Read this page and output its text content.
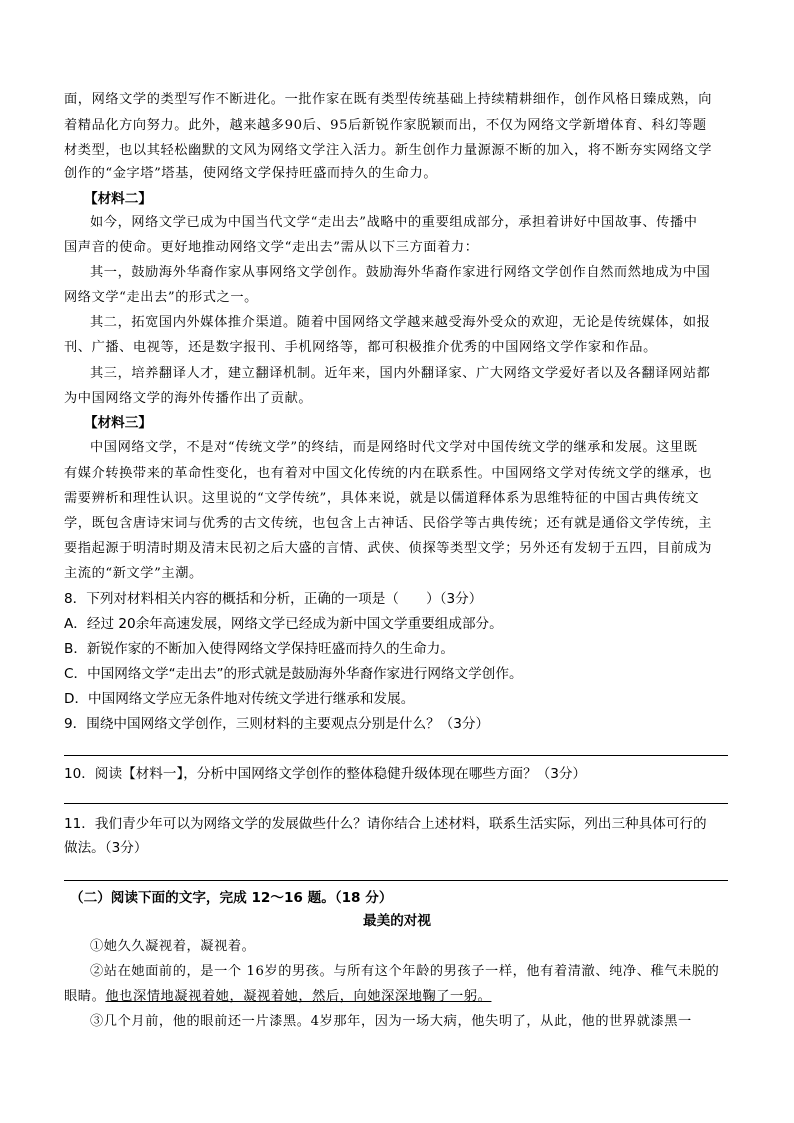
面，网络文学的类型写作不断进化。一批作家在既有类型传统基础上持续精耕细作，创作风格日臻成熟，向
着精品化方向努力。此外，越来越多90后、95后新锐作家脱颖而出，不仅为网络文学新增体育、科幻等题
材类型，也以其轻松幽默的文风为网络文学注入活力。新生创作力量源源不断的加入，将不断夯实网络文学
创作的“金字塔”塔基，使网络文学保持旺盛而持久的生命力。
【材料二】
如今，网络文学已成为中国当代文学“走出去”战略中的重要组成部分，承担着讲好中国故事、传播中
国声音的使命。更好地推动网络文学“走出去”需从以下三方面着力：
其一，鼓励海外华裔作家从事网络文学创作。鼓励海外华裔作家进行网络文学创作自然而然地成为中国
网络文学“走出去”的形式之一。
其二，拓宽国内外媒体推介渠道。随着中国网络文学越来越受海外受众的欢迎，无论是传统媒体，如报
刊、广播、电视等，还是数字报刊、手机网络等，都可积极推介优秀的中国网络文学作家和作品。
其三，培养翻译人才，建立翻译机制。近年来，国内外翻译家、广大网络文学爱好者以及各翻译网站都
为中国网络文学的海外传播作出了贡献。
【材料三】
中国网络文学，不是对“传统文学”的终结，而是网络时代文学对中国传统文学的继承和发展。这里既
有媒介转换带来的革命性变化，也有着对中国文化传统的内在联系性。中国网络文学对传统文学的继承，也
需要辨析和理性认识。这里说的“文学传统”，具体来说，就是以儒道释体系为思维特征的中国古典传统文
学，既包含唐诗宋词与优秀的古文传统，也包含上古神话、民俗学等古典传统；还有就是通俗文学传统，主
要指起源于明清时期及清末民初之后大盛的言情、武侠、侦探等类型文学；另外还有发轫于五四，目前成为
主流的“新文学”主潮。
8．下列对材料相关内容的概括和分析，正确的一项是（　　）（3分）
A．经过 20余年高速发展，网络文学已经成为新中国文学重要组成部分。
B．新锐作家的不断加入使得网络文学保持旺盛而持久的生命力。
C．中国网络文学“走出去”的形式就是鼓励海外华裔作家进行网络文学创作。
D．中国网络文学应无条件地对传统文学进行继承和发展。
9．围绕中国网络文学创作，三则材料的主要观点分别是什么？（3分）
10．阅读【材料一】，分析中国网络文学创作的整体稳健升级体现在哪些方面？（3分）
11．我们青少年可以为网络文学的发展做些什么？请你结合上述材料，联系生活实际，列出三种具体可行的
做法。（3分）
（二）阅读下面的文字，完成 12～16 题。（18 分）
最美的对视
①她久久凝视着，凝视着。
②站在她面前的，是一个 16岁的男孩。与所有这个年龄的男孩子一样，他有着清澈、纯净、稚气未脱的
眼睛。他也深情地凝视着她，凝视着她，然后，向她深深地鞠了一躬。
③几个月前，他的眼前还一片漆黑。4岁那年，因为一场大病，他失明了，从此，他的世界就漆黑一
